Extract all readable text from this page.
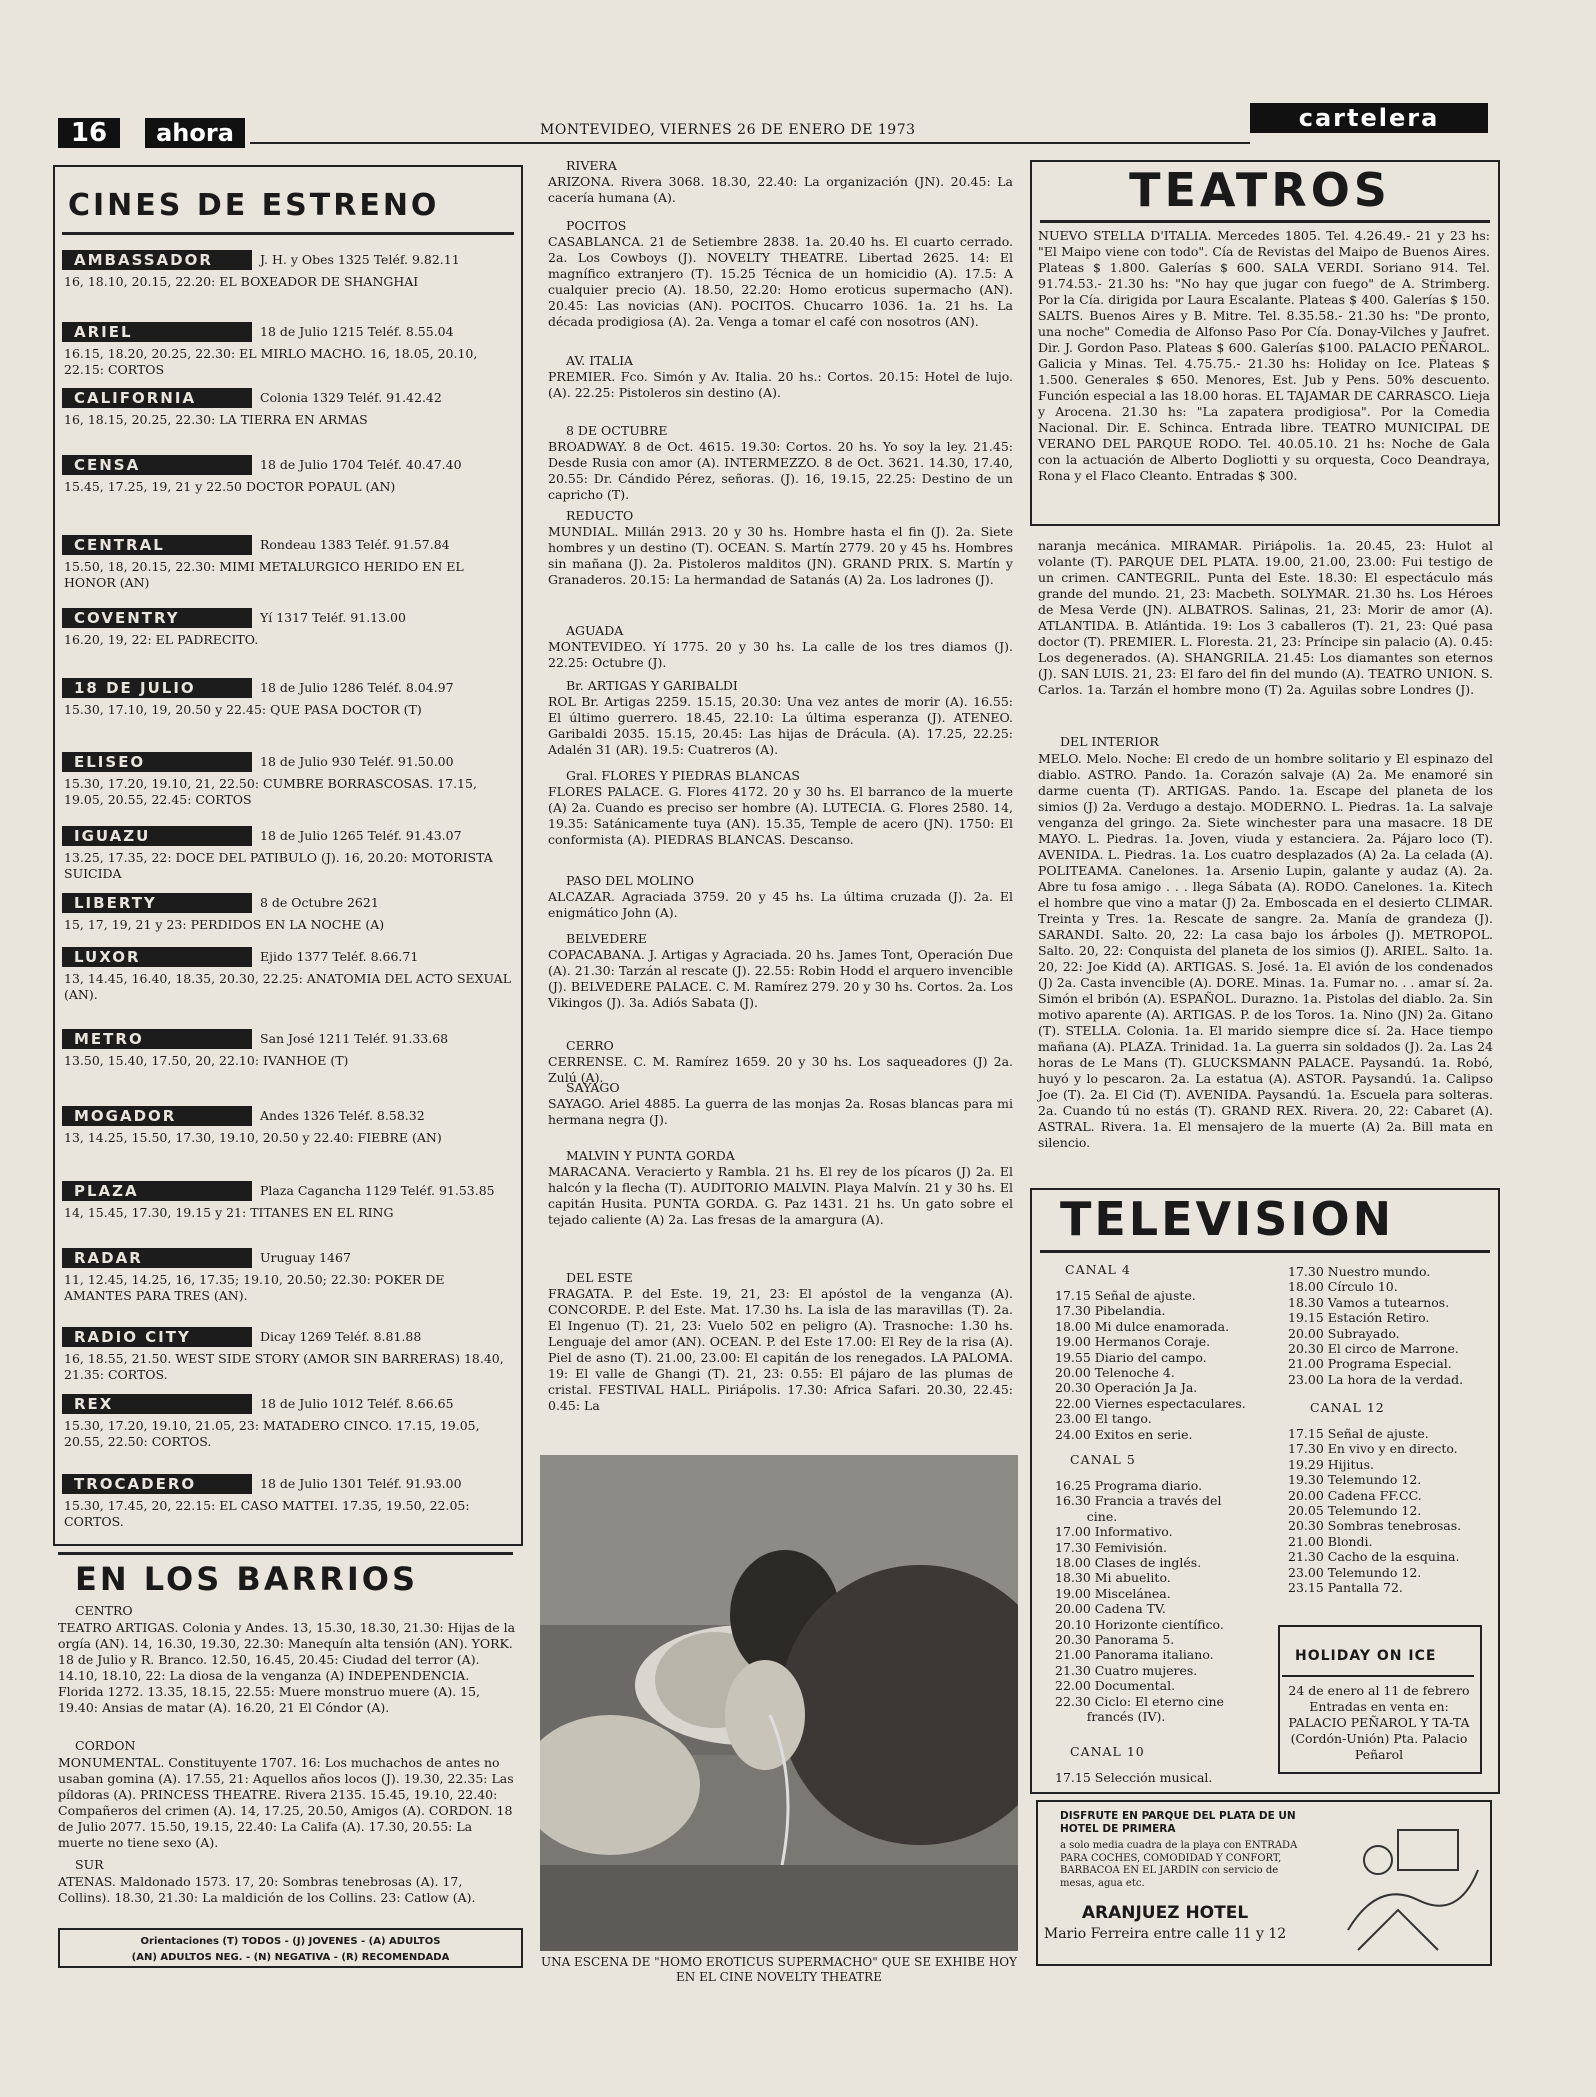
16	ahora	MONTEVIDEO, VIERNES 26 DE ENERO DE 1973	cartelera
CINES DE ESTRENO
AMBASSADOR	J. H. y Obes 1325 Teléf. 9.82.11
16, 18.10, 20.15, 22.20: EL BOXEADOR DE SHANGHAI
ARIEL	18 de Julio 1215 Teléf. 8.55.04
16.15, 18.20, 20.25, 22.30: EL MIRLO MACHO. 16, 18.05, 20.10, 22.15: CORTOS
CALIFORNIA	Colonia 1329 Teléf. 91.42.42
16, 18.15, 20.25, 22.30: LA TIERRA EN ARMAS
CENSA	18 de Julio 1704 Teléf. 40.47.40
15.45, 17.25, 19, 21 y 22.50 DOCTOR POPAUL (AN)
CENTRAL	Rondeau 1383 Teléf. 91.57.84
15.50, 18, 20.15, 22.30: MIMI METALURGICO HERIDO EN EL HONOR (AN)
COVENTRY	Yí 1317 Teléf. 91.13.00
16.20, 19, 22: EL PADRECITO.
18 DE JULIO	18 de Julio 1286 Teléf. 8.04.97
15.30, 17.10, 19, 20.50 y 22.45: QUE PASA DOCTOR (T)
ELISEO	18 de Julio 930 Teléf. 91.50.00
15.30, 17.20, 19.10, 21, 22.50: CUMBRE BORRASCOSAS. 17.15, 19.05, 20.55, 22.45: CORTOS
IGUAZU	18 de Julio 1265 Teléf. 91.43.07
13.25, 17.35, 22: DOCE DEL PATIBULO (J). 16, 20.20: MOTORISTA SUICIDA
LIBERTY	8 de Octubre 2621
15, 17, 19, 21 y 23: PERDIDOS EN LA NOCHE (A)
LUXOR	Ejido 1377 Teléf. 8.66.71
13, 14.45, 16.40, 18.35, 20.30, 22.25: ANATOMIA DEL ACTO SEXUAL (AN).
METRO	San José 1211 Teléf. 91.33.68
13.50, 15.40, 17.50, 20, 22.10: IVANHOE (T)
MOGADOR	Andes 1326 Teléf. 8.58.32
13, 14.25, 15.50, 17.30, 19.10, 20.50 y 22.40: FIEBRE (AN)
PLAZA	Plaza Cagancha 1129 Teléf. 91.53.85
14, 15.45, 17.30, 19.15 y 21: TITANES EN EL RING
RADAR	Uruguay 1467
11, 12.45, 14.25, 16, 17.35; 19.10, 20.50; 22.30: POKER DE AMANTES PARA TRES (AN).
RADIO CITY	Dicay 1269 Teléf. 8.81.88
16, 18.55, 21.50. WEST SIDE STORY (AMOR SIN BARRERAS) 18.40, 21.35: CORTOS.
REX	18 de Julio 1012 Teléf. 8.66.65
15.30, 17.20, 19.10, 21.05, 23: MATADERO CINCO. 17.15, 19.05, 20.55, 22.50: CORTOS.
TROCADERO	18 de Julio 1301 Teléf. 91.93.00
15.30, 17.45, 20, 22.15: EL CASO MATTEI. 17.35, 19.50, 22.05: CORTOS.
EN LOS BARRIOS
CENTRO
TEATRO ARTIGAS. Colonia y Andes. 13, 15.30, 18.30, 21.30: Hijas de la orgía (AN). 14, 16.30, 19.30, 22.30: Manequín alta tensión (AN). YORK. 18 de Julio y R. Branco. 12.50, 16.45, 20.45: Ciudad del terror (A). 14.10, 18.10, 22: La diosa de la venganza (A) INDEPENDENCIA. Florida 1272. 13.35, 18.15, 22.55: Muere monstruo muere (A). 15, 19.40: Ansias de matar (A). 16.20, 21 El Cóndor (A).
CORDON
MONUMENTAL. Constituyente 1707. 16: Los muchachos de antes no usaban gomina (A). 17.55, 21: Aquellos años locos (J). 19.30, 22.35: Las píldoras (A). PRINCESS THEATRE. Rivera 2135. 15.45, 19.10, 22.40: Compañeros del crimen (A). 14, 17.25, 20.50, Amigos (A). CORDON. 18 de Julio 2077. 15.50, 19.15, 22.40: La Califa (A). 17.30, 20.55: La muerte no tiene sexo (A).
SUR
ATENAS. Maldonado 1573. 17, 20: Sombras tenebrosas (A). 17, Collins). 18.30, 21.30: La maldición de los Collins. 23: Catlow (A).
Orientaciones (T) TODOS - (J) JOVENES - (A) ADULTOS
(AN) ADULTOS NEG. - (N) NEGATIVA - (R) RECOMENDADA
RIVERA
ARIZONA. Rivera 3068. 18.30, 22.40: La organización (JN). 20.45: La cacería humana (A).
POCITOS
CASABLANCA. 21 de Setiembre 2838. 1a. 20.40 hs. El cuarto cerrado. 2a. Los Cowboys (J). NOVELTY THEATRE. Libertad 2625. 14: El magnífico extranjero (T). 15.25 Técnica de un homicidio (A). 17.5: A cualquier precio (A). 18.50, 22.20: Homo eroticus supermacho (AN). 20.45: Las novicias (AN). POCITOS. Chucarro 1036. 1a. 21 hs. La década prodigiosa (A). 2a. Venga a tomar el café con nosotros (AN).
AV. ITALIA
PREMIER. Fco. Simón y Av. Italia. 20 hs.: Cortos. 20.15: Hotel de lujo. (A). 22.25: Pistoleros sin destino (A).
8 DE OCTUBRE
BROADWAY. 8 de Oct. 4615. 19.30: Cortos. 20 hs. Yo soy la ley. 21.45: Desde Rusia con amor (A). INTERMEZZO. 8 de Oct. 3621. 14.30, 17.40, 20.55: Dr. Cándido Pérez, señoras. (J). 16, 19.15, 22.25: Destino de un capricho (T).
REDUCTO
MUNDIAL. Millán 2913. 20 y 30 hs. Hombre hasta el fin (J). 2a. Siete hombres y un destino (T). OCEAN. S. Martín 2779. 20 y 45 hs. Hombres sin mañana (J). 2a. Pistoleros malditos (JN). GRAND PRIX. S. Martín y Granaderos. 20.15: La hermandad de Satanás (A) 2a. Los ladrones (J).
AGUADA
MONTEVIDEO. Yí 1775. 20 y 30 hs. La calle de los tres diamos (J). 22.25: Octubre (J).
Br. ARTIGAS Y GARIBALDI
ROL Br. Artigas 2259. 15.15, 20.30: Una vez antes de morir (A). 16.55: El último guerrero. 18.45, 22.10: La última esperanza (J). ATENEO. Garibaldi 2035. 15.15, 20.45: Las hijas de Drácula. (A). 17.25, 22.25: Adalén 31 (AR). 19.5: Cuatreros (A).
Gral. FLORES Y PIEDRAS BLANCAS
FLORES PALACE. G. Flores 4172. 20 y 30 hs. El barranco de la muerte (A) 2a. Cuando es preciso ser hombre (A). LUTECIA. G. Flores 2580. 14, 19.35: Satánicamente tuya (AN). 15.35, Temple de acero (JN). 1750: El conformista (A). PIEDRAS BLANCAS. Descanso.
PASO DEL MOLINO
ALCAZAR. Agraciada 3759. 20 y 45 hs. La última cruzada (J). 2a. El enigmático John (A).
BELVEDERE
COPACABANA. J. Artigas y Agraciada. 20 hs. James Tont, Operación Due (A). 21.30: Tarzán al rescate (J). 22.55: Robin Hodd el arquero invencible (J). BELVEDERE PALACE. C. M. Ramírez 279. 20 y 30 hs. Cortos. 2a. Los Vikingos (J). 3a. Adiós Sabata (J).
CERRO
CERRENSE. C. M. Ramírez 1659. 20 y 30 hs. Los saqueadores (J) 2a. Zulú (A).
SAYAGO
SAYAGO. Ariel 4885. La guerra de las monjas 2a. Rosas blancas para mi hermana negra (J).
MALVIN Y PUNTA GORDA
MARACANA. Veracierto y Rambla. 21 hs. El rey de los pícaros (J) 2a. El halcón y la flecha (T). AUDITORIO MALVIN. Playa Malvín. 21 y 30 hs. El capitán Husita. PUNTA GORDA. G. Paz 1431. 21 hs. Un gato sobre el tejado caliente (A) 2a. Las fresas de la amargura (A).
DEL ESTE
FRAGATA. P. del Este. 19, 21, 23: El apóstol de la venganza (A). CONCORDE. P. del Este. Mat. 17.30 hs. La isla de las maravillas (T). 2a. El Ingenuo (T). 21, 23: Vuelo 502 en peligro (A). Trasnoche: 1.30 hs. Lenguaje del amor (AN). OCEAN. P. del Este 17.00: El Rey de la risa (A). Piel de asno (T). 21.00, 23.00: El capitán de los renegados. LA PALOMA. 19: El valle de Ghangi (T). 21, 23: 0.55: El pájaro de las plumas de cristal. FESTIVAL HALL. Piriápolis. 17.30: Africa Safari. 20.30, 22.45: 0.45: La
UNA ESCENA DE "HOMO EROTICUS SUPERMACHO" QUE SE EXHIBE HOY EN EL CINE NOVELTY THEATRE
TEATROS
NUEVO STELLA D'ITALIA. Mercedes 1805. Tel. 4.26.49.- 21 y 23 hs: "El Maipo viene con todo". Cía de Revistas del Maipo de Buenos Aires. Plateas $ 1.800. Galerías $ 600. SALA VERDI. Soriano 914. Tel. 91.74.53.- 21.30 hs: "No hay que jugar con fuego" de A. Strimberg. Por la Cía. dirigida por Laura Escalante. Plateas $ 400. Galerías $ 150. SALTS. Buenos Aires y B. Mitre. Tel. 8.35.58.- 21.30 hs: "De pronto, una noche" Comedia de Alfonso Paso Por Cía. Donay-Vilches y Jaufret. Dir. J. Gordon Paso. Plateas $ 600. Galerías $100. PALACIO PEÑAROL. Galicia y Minas. Tel. 4.75.75.- 21.30 hs: Holiday on Ice. Plateas $ 1.500. Generales $ 650. Menores, Est. Jub y Pens. 50% descuento. Función especial a las 18.00 horas. EL TAJAMAR DE CARRASCO. Lieja y Arocena. 21.30 hs: "La zapatera prodigiosa". Por la Comedia Nacional. Dir. E. Schinca. Entrada libre. TEATRO MUNICIPAL DE VERANO DEL PARQUE RODO. Tel. 40.05.10. 21 hs: Noche de Gala con la actuación de Alberto Dogliotti y su orquesta, Coco Deandraya, Rona y el Flaco Cleanto. Entradas $ 300.
naranja mecánica. MIRAMAR. Piriápolis. 1a. 20.45, 23: Hulot al volante (T). PARQUE DEL PLATA. 19.00, 21.00, 23.00: Fui testigo de un crimen. CANTEGRIL. Punta del Este. 18.30: El espectáculo más grande del mundo. 21, 23: Macbeth. SOLYMAR. 21.30 hs. Los Héroes de Mesa Verde (JN). ALBATROS. Salinas, 21, 23: Morir de amor (A). ATLANTIDA. B. Atlántida. 19: Los 3 caballeros (T). 21, 23: Qué pasa doctor (T). PREMIER. L. Floresta. 21, 23: Príncipe sin palacio (A). 0.45: Los degenerados. (A). SHANGRILA. 21.45: Los diamantes son eternos (J). SAN LUIS. 21, 23: El faro del fin del mundo (A). TEATRO UNION. S. Carlos. 1a. Tarzán el hombre mono (T) 2a. Aguilas sobre Londres (J).
DEL INTERIOR
MELO. Melo. Noche: El credo de un hombre solitario y El espinazo del diablo. ASTRO. Pando. 1a. Corazón salvaje (A) 2a. Me enamoré sin darme cuenta (T). ARTIGAS. Pando. 1a. Escape del planeta de los simios (J) 2a. Verdugo a destajo. MODERNO. L. Piedras. 1a. La salvaje venganza del gringo. 2a. Siete winchester para una masacre. 18 DE MAYO. L. Piedras. 1a. Joven, viuda y estanciera. 2a. Pájaro loco (T). AVENIDA. L. Piedras. 1a. Los cuatro desplazados (A) 2a. La celada (A). POLITEAMA. Canelones. 1a. Arsenio Lupin, galante y audaz (A). 2a. Abre tu fosa amigo . . . llega Sábata (A). RODO. Canelones. 1a. Kitech el hombre que vino a matar (J) 2a. Emboscada en el desierto CLIMAR. Treinta y Tres. 1a. Rescate de sangre. 2a. Manía de grandeza (J). SARANDI. Salto. 20, 22: La casa bajo los árboles (J). METROPOL. Salto. 20, 22: Conquista del planeta de los simios (J). ARIEL. Salto. 1a. 20, 22: Joe Kidd (A). ARTIGAS. S. José. 1a. El avión de los condenados (J) 2a. Casta invencible (A). DORE. Minas. 1a. Fumar no. . . amar sí. 2a. Simón el bribón (A). ESPAÑOL. Durazno. 1a. Pistolas del diablo. 2a. Sin motivo aparente (A). ARTIGAS. P. de los Toros. 1a. Nino (JN) 2a. Gitano (T). STELLA. Colonia. 1a. El marido siempre dice sí. 2a. Hace tiempo mañana (A). PLAZA. Trinidad. 1a. La guerra sin soldados (J). 2a. Las 24 horas de Le Mans (T). GLUCKSMANN PALACE. Paysandú. 1a. Robó, huyó y lo pescaron. 2a. La estatua (A). ASTOR. Paysandú. 1a. Calipso Joe (T). 2a. El Cid (T). AVENIDA. Paysandú. 1a. Escuela para solteras. 2a. Cuando tú no estás (T). GRAND REX. Rivera. 20, 22: Cabaret (A). ASTRAL. Rivera. 1a. El mensajero de la muerte (A) 2a. Bill mata en silencio.
TELEVISION
CANAL 4
17.15 Señal de ajuste.
17.30 Pibelandia.
18.00 Mi dulce enamorada.
19.00 Hermanos Coraje.
19.55 Diario del campo.
20.00 Telenoche 4.
20.30 Operación Ja Ja.
22.00 Viernes espectaculares.
23.00 El tango.
24.00 Exitos en serie.
17.30 Nuestro mundo.
18.00 Círculo 10.
18.30 Vamos a tutearnos.
19.15 Estación Retiro.
20.00 Subrayado.
20.30 El circo de Marrone.
21.00 Programa Especial.
23.00 La hora de la verdad.
CANAL 12
17.15 Señal de ajuste.
17.30 En vivo y en directo.
19.29 Hijitus.
19.30 Telemundo 12.
20.00 Cadena FF.CC.
20.05 Telemundo 12.
20.30 Sombras tenebrosas.
21.00 Blondi.
21.30 Cacho de la esquina.
23.00 Telemundo 12.
23.15 Pantalla 72.
CANAL 5
16.25 Programa diario.
16.30 Francia a través del
cine.
17.00 Informativo.
17.30 Femivisión.
18.00 Clases de inglés.
18.30 Mi abuelito.
19.00 Miscelánea.
20.00 Cadena TV.
20.10 Horizonte científico.
20.30 Panorama 5.
21.00 Panorama italiano.
21.30 Cuatro mujeres.
22.00 Documental.
22.30 Ciclo: El eterno cine
francés (IV).
CANAL 10
17.15 Selección musical.
HOLIDAY ON ICE
24 de enero al 11 de febrero Entradas en venta en: PALACIO PEÑAROL Y TA-TA (Cordón-Unión) Pta. Palacio Peñarol
DISFRUTE EN PARQUE DEL PLATA DE UN HOTEL DE PRIMERA
a solo media cuadra de la playa con ENTRADA PARA COCHES, COMODIDAD Y CONFORT, BARBACOA EN EL JARDIN con servicio de mesas, agua etc.
ARANJUEZ HOTEL
Mario Ferreira entre calle 11 y 12
